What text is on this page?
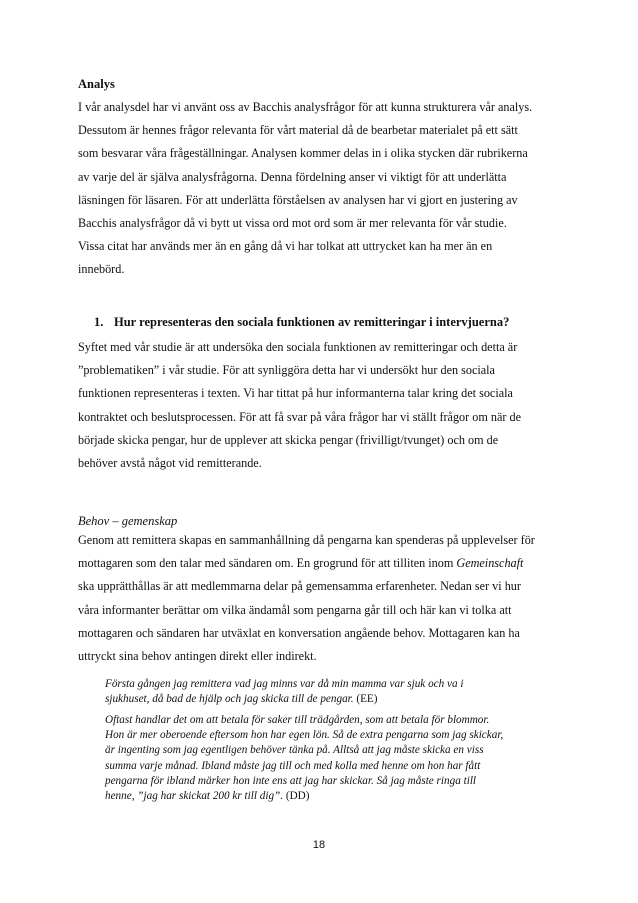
Analys
I vår analysdel har vi använt oss av Bacchis analysfrågor för att kunna strukturera vår analys.
Dessutom är hennes frågor relevanta för vårt material då de bearbetar materialet på ett sätt
som besvarar våra frågeställningar. Analysen kommer delas in i olika stycken där rubrikerna
av varje del är själva analysfrågorna. Denna fördelning anser vi viktigt för att underlätta
läsningen för läsaren. För att underlätta förståelsen av analysen har vi gjort en justering av
Bacchis analysfrågor då vi bytt ut vissa ord mot ord som är mer relevanta för vår studie.
Vissa citat har används mer än en gång då vi har tolkat att uttrycket kan ha mer än en
innebörd.
1. Hur representeras den sociala funktionen av remitteringar i intervjuerna?
Syftet med vår studie är att undersöka den sociala funktionen av remitteringar och detta är
”problematiken” i vår studie. För att synliggöra detta har vi undersökt hur den sociala
funktionen representeras i texten. Vi har tittat på hur informanterna talar kring det sociala
kontraktet och beslutsprocessen. För att få svar på våra frågor har vi ställt frågor om när de
började skicka pengar, hur de upplever att skicka pengar (frivilligt/tvunget) och om de
behöver avstå något vid remitterande.
Behov – gemenskap
Genom att remittera skapas en sammanhållning då pengarna kan spenderas på upplevelser för
mottagaren som den talar med sändaren om. En grogrund för att tilliten inom Gemeinschaft
ska upprätthållas är att medlemmarna delar på gemensamma erfarenheter. Nedan ser vi hur
våra informanter berättar om vilka ändamål som pengarna går till och här kan vi tolka att
mottagaren och sändaren har utväxlat en konversation angående behov. Mottagaren kan ha
uttryckt sina behov antingen direkt eller indirekt.
Första gången jag remittera vad jag minns var då min mamma var sjuk och va i
sjukhuset, då bad de hjälp och jag skicka till de pengar. (EE)
Oftast handlar det om att betala för saker till trädgården, som att betala för blommor.
Hon är mer oberoende eftersom hon har egen lön. Så de extra pengarna som jag skickar,
är ingenting som jag egentligen behöver tänka på. Alltså att jag måste skicka en viss
summa varje månad. Ibland måste jag till och med kolla med henne om hon har fått
pengarna för ibland märker hon inte ens att jag har skickar. Så jag måste ringa till
henne, ”jag har skickat 200 kr till dig”. (DD)
18
